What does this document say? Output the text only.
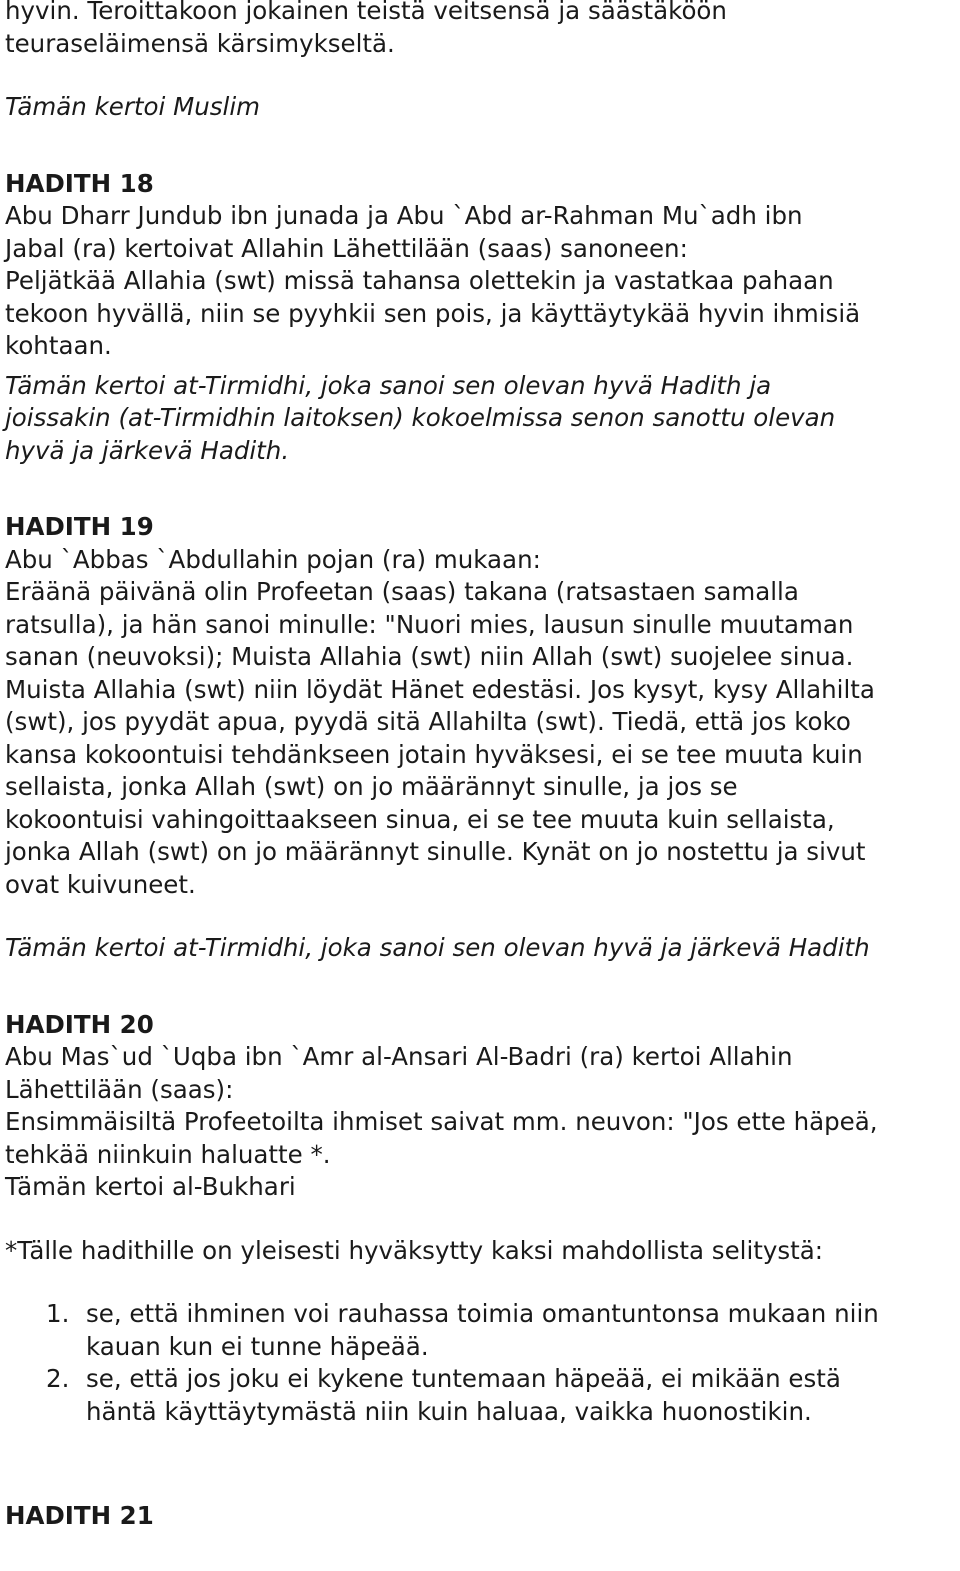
hyvin. Teroittakoon jokainen teistä veitsensä ja säästäköön
teuraseläimensä kärsimykseltä.

Tämän kertoi Muslim

HADITH 18

Abu Dharr Jundub ibn junada ja Abu `Abd ar-Rahman Mu`adh ibn
Jabal (ra) kertoivat Allahin Lähettilään (saas) sanoneen:
Peljätkää Allahia (swt) missä tahansa olettekin ja vastatkaa pahaan
tekoon hyvällä, niin se pyyhkii sen pois, ja käyttäytykää hyvin ihmisiä
kohtaan.

Tämän kertoi at-Tirmidhi, joka sanoi sen olevan hyvä Hadith ja
joissakin (at-Tirmidhin laitoksen) kokoelmissa senon sanottu olevan
hyvä ja järkevä Hadith.

HADITH 19

Abu `Abbas `Abdullahin pojan (ra) mukaan:
Eräänä päivänä olin Profeetan (saas) takana (ratsastaen samalla
ratsulla), ja hän sanoi minulle: "Nuori mies, lausun sinulle muutaman
sanan (neuvoksi); Muista Allahia (swt) niin Allah (swt) suojelee sinua.
Muista Allahia (swt) niin löydät Hänet edestäsi. Jos kysyt, kysy Allahilta
(swt), jos pyydät apua, pyydä sitä Allahilta (swt). Tiedä, että jos koko
kansa kokoontuisi tehdänkseen jotain hyväksesi, ei se tee muuta kuin
sellaista, jonka Allah (swt) on jo määrännyt sinulle, ja jos se
kokoontuisi vahingoittaakseen sinua, ei se tee muuta kuin sellaista,
jonka Allah (swt) on jo määrännyt sinulle. Kynät on jo nostettu ja sivut
ovat kuivuneet.

Tämän kertoi at-Tirmidhi, joka sanoi sen olevan hyvä ja järkevä Hadith

HADITH 20

Abu Mas`ud `Uqba ibn `Amr al-Ansari Al-Badri (ra) kertoi Allahin
Lähettilään (saas):
Ensimmäisiltä Profeetoilta ihmiset saivat mm. neuvon: "Jos ette häpeä,
tehkää niinkuin haluatte *.
Tämän kertoi al-Bukhari

*Tälle hadithille on yleisesti hyväksytty kaksi mahdollista selitystä:

1. se, että ihminen voi rauhassa toimia omantuntonsa mukaan niin
kauan kun ei tunne häpeää.
2. se, että jos joku ei kykene tuntemaan häpeää, ei mikään estä
häntä käyttäytymästä niin kuin haluaa, vaikka huonostikin.

HADITH 21
